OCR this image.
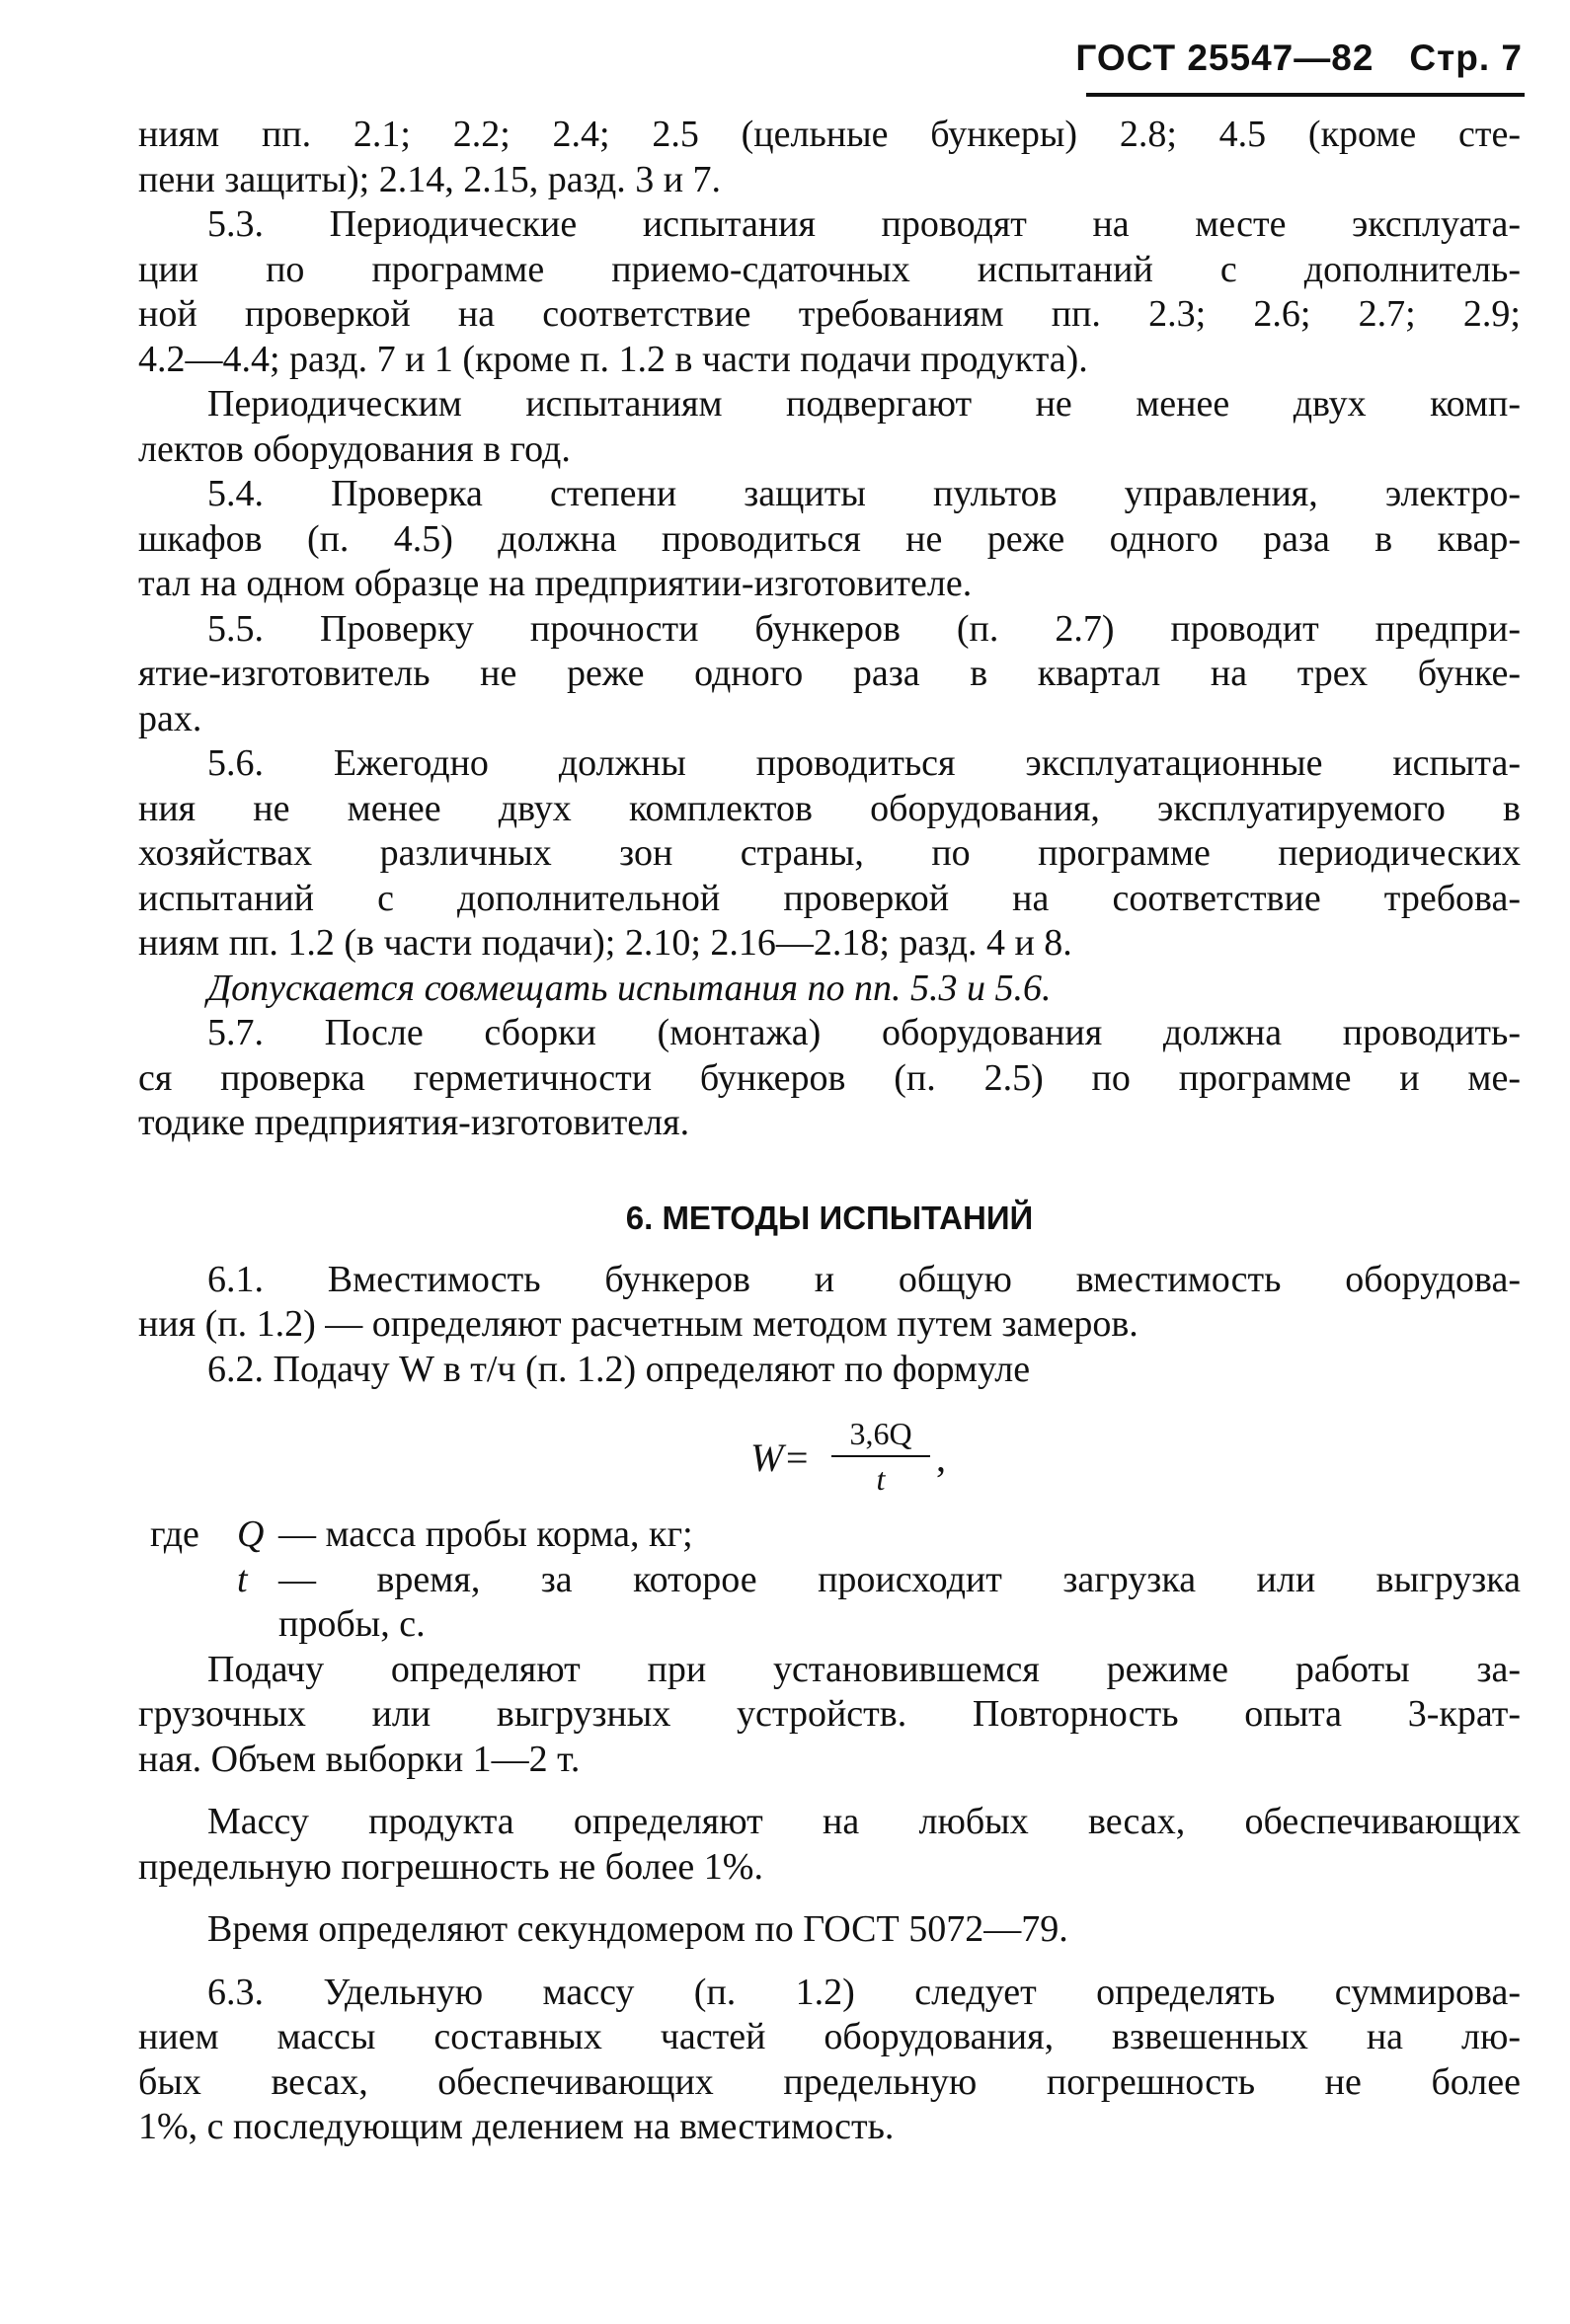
ГОСТ 25547—82 Стр. 7
ниям пп. 2.1; 2.2; 2.4; 2.5 (цельные бункеры) 2.8; 4.5 (кроме сте-
пени защиты); 2.14, 2.15, разд. 3 и 7.
5.3. Периодические испытания проводят на месте эксплуата-
ции по программе приемо-сдаточных испытаний с дополнитель-
ной проверкой на соответствие требованиям пп. 2.3; 2.6; 2.7; 2.9;
4.2—4.4; разд. 7 и 1 (кроме п. 1.2 в части подачи продукта).
Периодическим испытаниям подвергают не менее двух комп-
лектов оборудования в год.
5.4. Проверка степени защиты пультов управления, электро-
шкафов (п. 4.5) должна проводиться не реже одного раза в квар-
тал на одном образце на предприятии-изготовителе.
5.5. Проверку прочности бункеров (п. 2.7) проводит предпри-
ятие-изготовитель не реже одного раза в квартал на трех бунке-
рах.
5.6. Ежегодно должны проводиться эксплуатационные испыта-
ния не менее двух комплектов оборудования, эксплуатируемого в
хозяйствах различных зон страны, по программе периодических
испытаний с дополнительной проверкой на соответствие требова-
ниям пп. 1.2 (в части подачи); 2.10; 2.16—2.18; разд. 4 и 8.
Допускается совмещать испытания по пп. 5.3 и 5.6.
5.7. После сборки (монтажа) оборудования должна проводить-
ся проверка герметичности бункеров (п. 2.5) по программе и ме-
тодике предприятия-изготовителя.
6. МЕТОДЫ ИСПЫТАНИЙ
6.1. Вместимость бункеров и общую вместимость оборудова-
ния (п. 1.2) — определяют расчетным методом путем замеров.
6.2. Подачу W в т/ч (п. 1.2) определяют по формуле
W=
3,6Q
t	,
где Q — масса пробы корма, кг;
t — время, за которое происходит загрузка или выгрузка
пробы, с.
Подачу определяют при установившемся режиме работы за-
грузочных или выгрузных устройств. Повторность опыта 3-крат-
ная. Объем выборки 1—2 т.
Массу продукта определяют на любых весах, обеспечивающих
предельную погрешность не более 1%.
Время определяют секундомером по ГОСТ 5072—79.
6.3. Удельную массу (п. 1.2) следует определять суммирова-
нием массы составных частей оборудования, взвешенных на лю-
бых весах, обеспечивающих предельную погрешность не более
1%, с последующим делением на вместимость.
